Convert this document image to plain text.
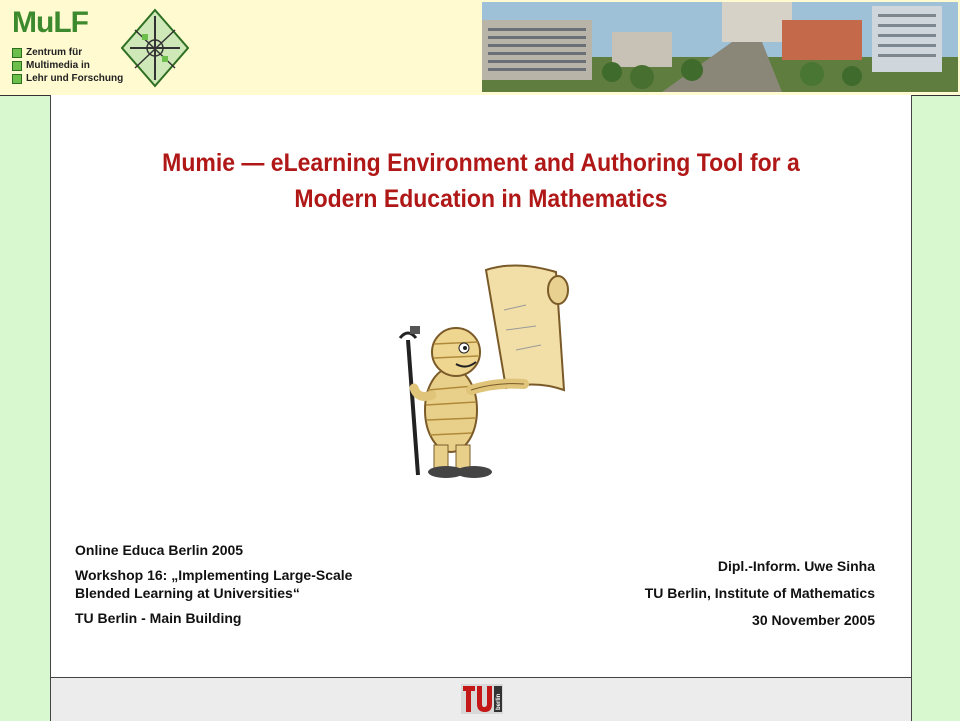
MuLF
Zentrum für
Multimedia in
Lehr und Forschung
Mumie — eLearning Environment and Authoring Tool for a
Modern Education in Mathematics
Online Educa Berlin 2005
Workshop 16: „Implementing Large-Scale Blended Learning at Universities“
TU Berlin - Main Building
Dipl.-Inform. Uwe Sinha
TU Berlin, Institute of Mathematics
30 November 2005
berlin
